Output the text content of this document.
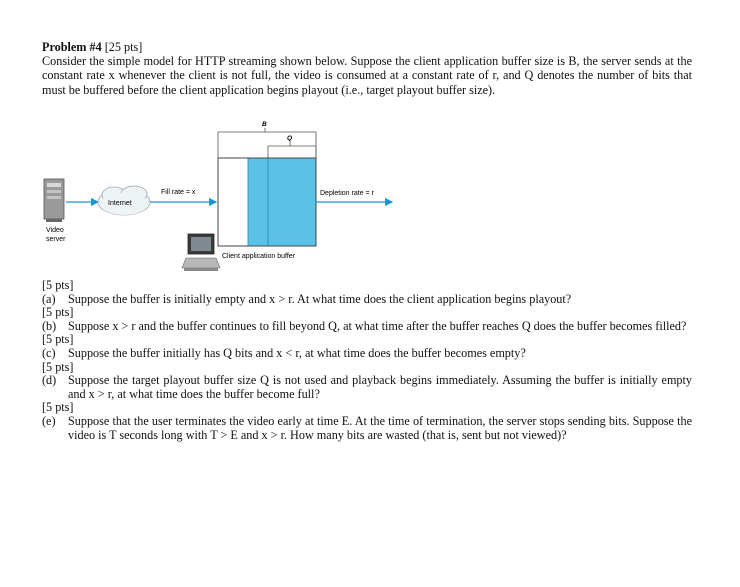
Problem #4 [25 pts]

Consider the simple model for HTTP streaming shown below. Suppose the client application buffer size is B, the server sends at the constant rate x whenever the client is not full, the video is consumed at a constant rate of r, and Q denotes the number of bits that must be buffered before the client application begins playout (i.e., target playout buffer size).

Video
server
Internet
Fill rate = x
B
Q
Depletion rate = r
Client application buffer

[5 pts]

(a) Suppose the buffer is initially empty and x > r. At what time does the client application begins playout?

[5 pts]

(b) Suppose x > r and the buffer continues to fill beyond Q, at what time after the buffer reaches Q does the buffer becomes filled?

[5 pts]

(c) Suppose the buffer initially has Q bits and x < r, at what time does the buffer becomes empty?

[5 pts]

(d) Suppose the target playout buffer size Q is not used and playback begins immediately. Assuming the buffer is initially empty and x > r, at what time does the buffer become full?

[5 pts]

(e) Suppose that the user terminates the video early at time E. At the time of termination, the server stops sending bits. Suppose the video is T seconds long with T > E and x > r. How many bits are wasted (that is, sent but not viewed)?
